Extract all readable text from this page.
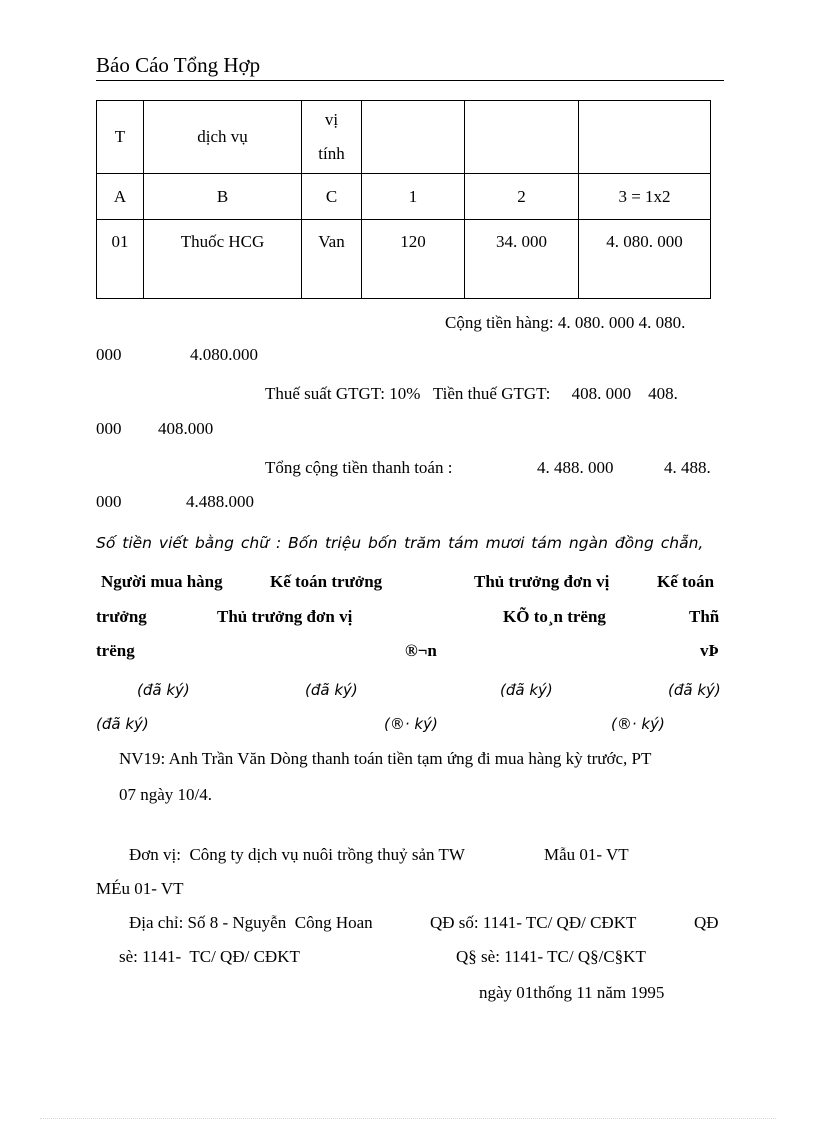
Báo Cáo Tổng Hợp
T	dịch vụ	vị
tính			
A	B	C	1	2	3 = 1x2
01	Thuốc HCG	Van	120	34. 000	4. 080. 000
Cộng tiền hàng: 4. 080. 000 4. 080.
000	4.080.000
Thuế suất GTGT: 10%   Tiền thuế GTGT:     408. 000    408.
000 408.000
Tổng cộng tiền thanh toán :	4. 488. 000	4. 488.
000	4.488.000
Số tiền viết bằng chữ : Bốn triệu bốn trăm tám mươi tám ngàn đồng chẵn,
Người mua hàng	Kế toán trưởng	Thủ trưởng đơn vị	Kế toán
trưởng	Thủ trưởng đơn vị	KÕ to¸n trëng	Thñ
trëng	®¬n	vÞ
(đã ký)	(đã ký)	(đã ký)	(đã ký)
(đã ký)	(®· ký)	(®· ký)
NV19: Anh Trần Văn Dòng thanh toán tiền tạm ứng đi mua hàng kỳ trước, PT
07 ngày 10/4.
Đơn vị:  Công ty dịch vụ nuôi trồng thuỷ sản TW	Mẫu 01- VT
MÉu 01- VT
Địa chỉ: Số 8 - Nguyễn  Công Hoan	QĐ số: 1141- TC/ QĐ/ CĐKT	QĐ
sè: 1141-  TC/ QĐ/ CĐKT	Q§ sè: 1141- TC/ Q§/C§KT
ngày 01thống 11 năm 1995
